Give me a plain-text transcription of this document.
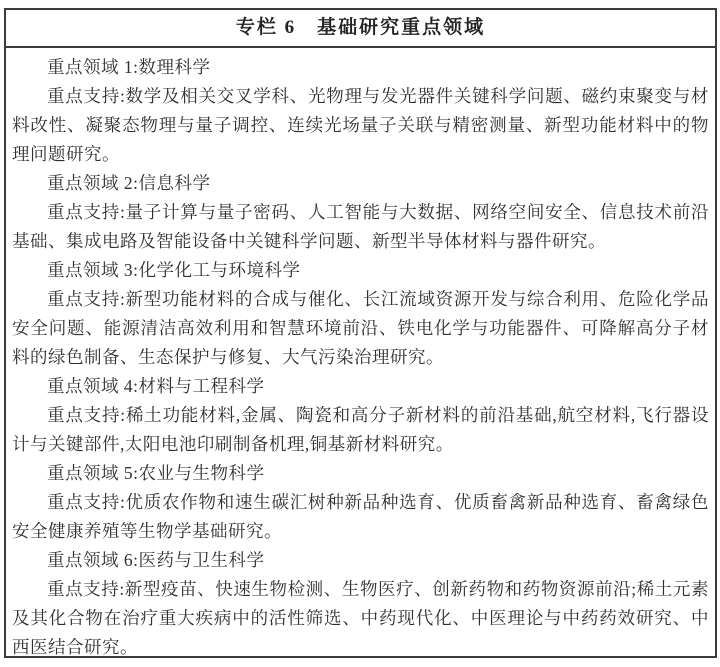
专栏 6　基础研究重点领域

重点领域 1:数理科学

重点支持:数学及相关交叉学科、光物理与发光器件关键科学问题、磁约束聚变与材料改性、凝聚态物理与量子调控、连续光场量子关联与精密测量、新型功能材料中的物理问题研究。

重点领域 2:信息科学

重点支持:量子计算与量子密码、人工智能与大数据、网络空间安全、信息技术前沿基础、集成电路及智能设备中关键科学问题、新型半导体材料与器件研究。

重点领域 3:化学化工与环境科学

重点支持:新型功能材料的合成与催化、长江流域资源开发与综合利用、危险化学品安全问题、能源清洁高效利用和智慧环境前沿、铁电化学与功能器件、可降解高分子材料的绿色制备、生态保护与修复、大气污染治理研究。

重点领域 4:材料与工程科学

重点支持:稀土功能材料,金属、陶瓷和高分子新材料的前沿基础,航空材料,飞行器设计与关键部件,太阳电池印刷制备机理,铜基新材料研究。

重点领域 5:农业与生物科学

重点支持:优质农作物和速生碳汇树种新品种选育、优质畜禽新品种选育、畜禽绿色安全健康养殖等生物学基础研究。

重点领域 6:医药与卫生科学

重点支持:新型疫苗、快速生物检测、生物医疗、创新药物和药物资源前沿;稀土元素及其化合物在治疗重大疾病中的活性筛选、中药现代化、中医理论与中药药效研究、中西医结合研究。
